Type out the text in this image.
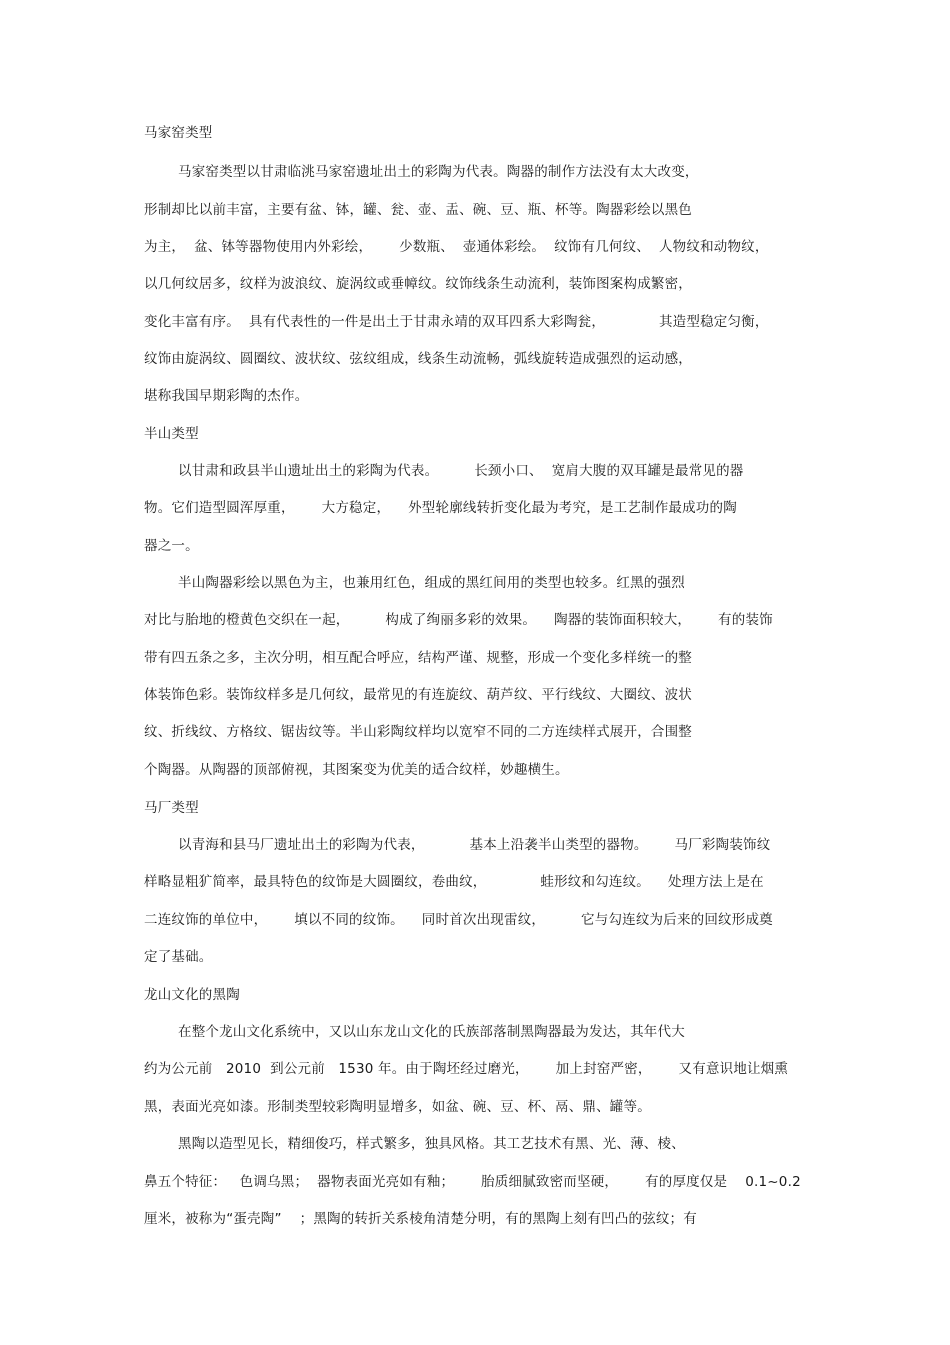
马家窑类型
马家窑类型以甘肃临洮马家窑遗址出土的彩陶为代表。陶器的制作方法没有太大改变，
形制却比以前丰富，主要有盆、钵，罐、瓮、壶、盂、碗、豆、瓶、杯等。陶器彩绘以黑色
为主，  盆、钵等器物使用内外彩绘，      少数瓶、  壶通体彩绘。  纹饰有几何纹、  人物纹和动物纹，
以几何纹居多，纹样为波浪纹、旋涡纹或垂幛纹。纹饰线条生动流利，装饰图案构成繁密，
变化丰富有序。  具有代表性的一件是出土于甘肃永靖的双耳四系大彩陶瓮，            其造型稳定匀衡，
纹饰由旋涡纹、圆圈纹、波状纹、弦纹组成，线条生动流畅，弧线旋转造成强烈的运动感，
堪称我国早期彩陶的杰作。
半山类型
以甘肃和政县半山遗址出土的彩陶为代表。        长颈小口、  宽肩大腹的双耳罐是最常见的器
物。它们造型圆浑厚重，      大方稳定，    外型轮廓线转折变化最为考究，是工艺制作最成功的陶
器之一。
半山陶器彩绘以黑色为主，也兼用红色，组成的黑红间用的类型也较多。红黑的强烈
对比与胎地的橙黄色交织在一起，        构成了绚丽多彩的效果。    陶器的装饰面积较大，      有的装饰
带有四五条之多，主次分明，相互配合呼应，结构严谨、规整，形成一个变化多样统一的整
体装饰色彩。装饰纹样多是几何纹，最常见的有连旋纹、葫芦纹、平行线纹、大圈纹、波状
纹、折线纹、方格纹、锯齿纹等。半山彩陶纹样均以宽窄不同的二方连续样式展开，合围整
个陶器。从陶器的顶部俯视，其图案变为优美的适合纹样，妙趣横生。
马厂类型
以青海和县马厂遗址出土的彩陶为代表，          基本上沿袭半山类型的器物。      马厂彩陶装饰纹
样略显粗犷简率，最具特色的纹饰是大圆圈纹，卷曲纹，            蛙形纹和勾连纹。    处理方法上是在
二连纹饰的单位中，      填以不同的纹饰。    同时首次出现雷纹，        它与勾连纹为后来的回纹形成奠
定了基础。
龙山文化的黑陶
在整个龙山文化系统中，又以山东龙山文化的氏族部落制黑陶器最为发达，其年代大
约为公元前   2010  到公元前   1530 年。由于陶坯经过磨光，      加上封窑严密，      又有意识地让烟熏
黑，表面光亮如漆。形制类型较彩陶明显增多，如盆、碗、豆、杯、鬲、鼎、罐等。
黑陶以造型见长，精细俊巧，样式繁多，独具风格。其工艺技术有黑、光、薄、棱、
鼻五个特征：   色调乌黑；  器物表面光亮如有釉；      胎质细腻致密而坚硬，      有的厚度仅是    0.1~0.2
厘米，被称为“蛋壳陶”    ；黑陶的转折关系棱角清楚分明，有的黑陶上刻有凹凸的弦纹；有
